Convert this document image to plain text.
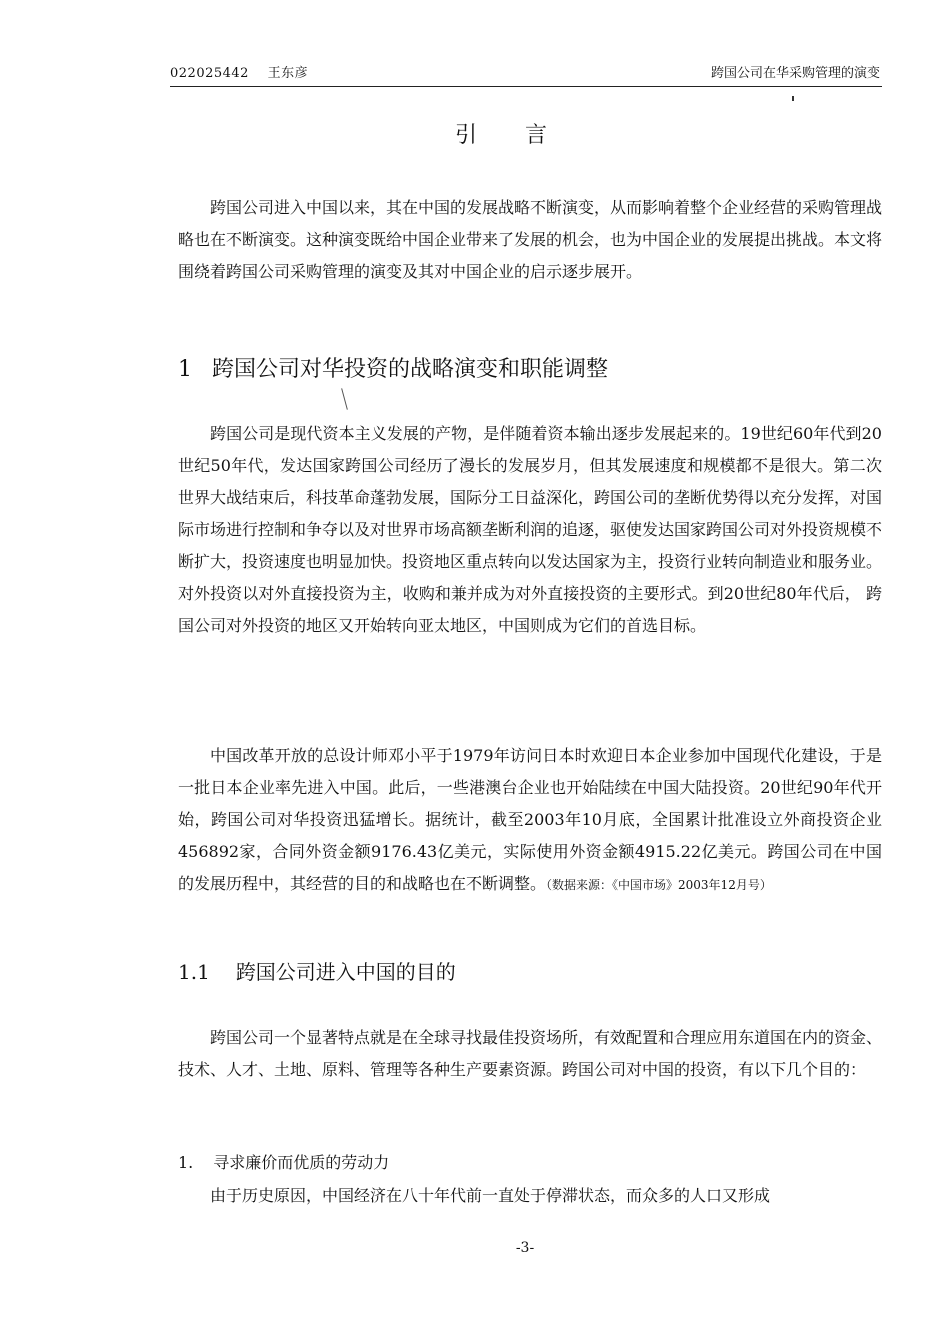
022025442 王东彦	跨国公司在华采购管理的演变
引言

跨国公司进入中国以来，其在中国的发展战略不断演变，从而影响着整个企业经营的采购管理战略也在不断演变。这种演变既给中国企业带来了发展的机会，也为中国企业的发展提出挑战。本文将围绕着跨国公司采购管理的演变及其对中国企业的启示逐步展开。

1 跨国公司对华投资的战略演变和职能调整

跨国公司是现代资本主义发展的产物，是伴随着资本输出逐步发展起来的。19世纪60年代到20世纪50年代，发达国家跨国公司经历了漫长的发展岁月，但其发展速度和规模都不是很大。第二次世界大战结束后，科技革命蓬勃发展，国际分工日益深化，跨国公司的垄断优势得以充分发挥，对国际市场进行控制和争夺以及对世界市场高额垄断利润的追逐，驱使发达国家跨国公司对外投资规模不断扩大，投资速度也明显加快。投资地区重点转向以发达国家为主，投资行业转向制造业和服务业。对外投资以对外直接投资为主，收购和兼并成为对外直接投资的主要形式。到20世纪80年代后， 跨国公司对外投资的地区又开始转向亚太地区，中国则成为它们的首选目标。

中国改革开放的总设计师邓小平于1979年访问日本时欢迎日本企业参加中国现代化建设，于是一批日本企业率先进入中国。此后，一些港澳台企业也开始陆续在中国大陆投资。20世纪90年代开始，跨国公司对华投资迅猛增长。据统计，截至2003年10月底，全国累计批准设立外商投资企业456892家，合同外资金额9176.43亿美元，实际使用外资金额4915.22亿美元。跨国公司在中国的发展历程中，其经营的目的和战略也在不断调整。（数据来源：《中国市场》2003年12月号）

1.1 跨国公司进入中国的目的

跨国公司一个显著特点就是在全球寻找最佳投资场所，有效配置和合理应用东道国在内的资金、技术、人才、土地、原料、管理等各种生产要素资源。跨国公司对中国的投资，有以下几个目的：

1. 寻求廉价而优质的劳动力

由于历史原因，中国经济在八十年代前一直处于停滞状态，而众多的人口又形成

-3-
